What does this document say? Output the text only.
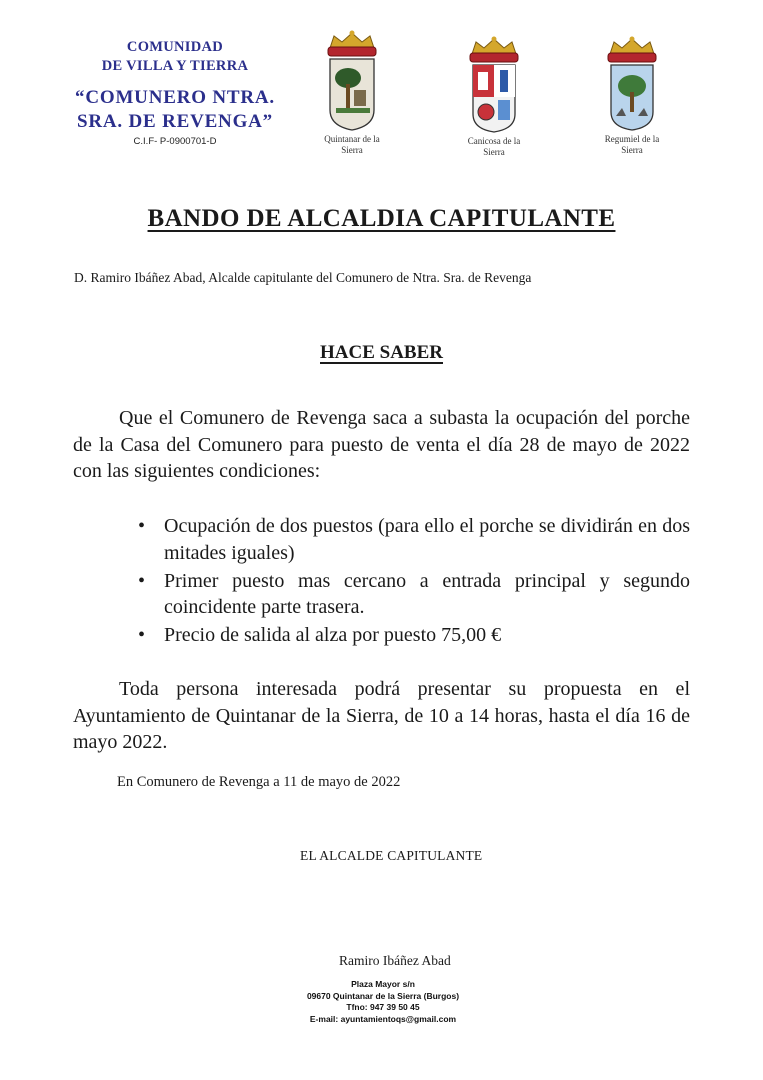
COMUNIDAD
DE VILLA Y TIERRA
“COMUNERO NTRA.
SRA. DE REVENGA”
C.I.F- P-0900701-D	Quintanar de la
Sierra
Canicosa de la
Sierra
Regumiel de la
Sierra
BANDO DE ALCALDIA CAPITULANTE
D. Ramiro Ibáñez Abad, Alcalde capitulante del Comunero de Ntra. Sra. de Revenga
HACE SABER
Que el Comunero de Revenga saca a subasta la ocupación del porche de la Casa del Comunero para puesto de venta el día 28 de mayo de 2022 con las siguientes condiciones:
• Ocupación de dos puestos (para ello el porche se dividirán en dos mitades iguales)
• Primer puesto mas cercano a entrada principal y segundo coincidente parte trasera.
• Precio de salida al alza por puesto 75,00 €
Toda persona interesada podrá presentar su propuesta en el Ayuntamiento de Quintanar de la Sierra, de 10 a 14 horas, hasta el día 16 de mayo 2022.
En Comunero de Revenga a 11 de mayo de 2022
EL ALCALDE CAPITULANTE
Ramiro Ibáñez Abad
Plaza Mayor s/n
09670 Quintanar de la Sierra (Burgos)
Tfno: 947 39 50 45
E-mail: ayuntamientoqs@gmail.com
